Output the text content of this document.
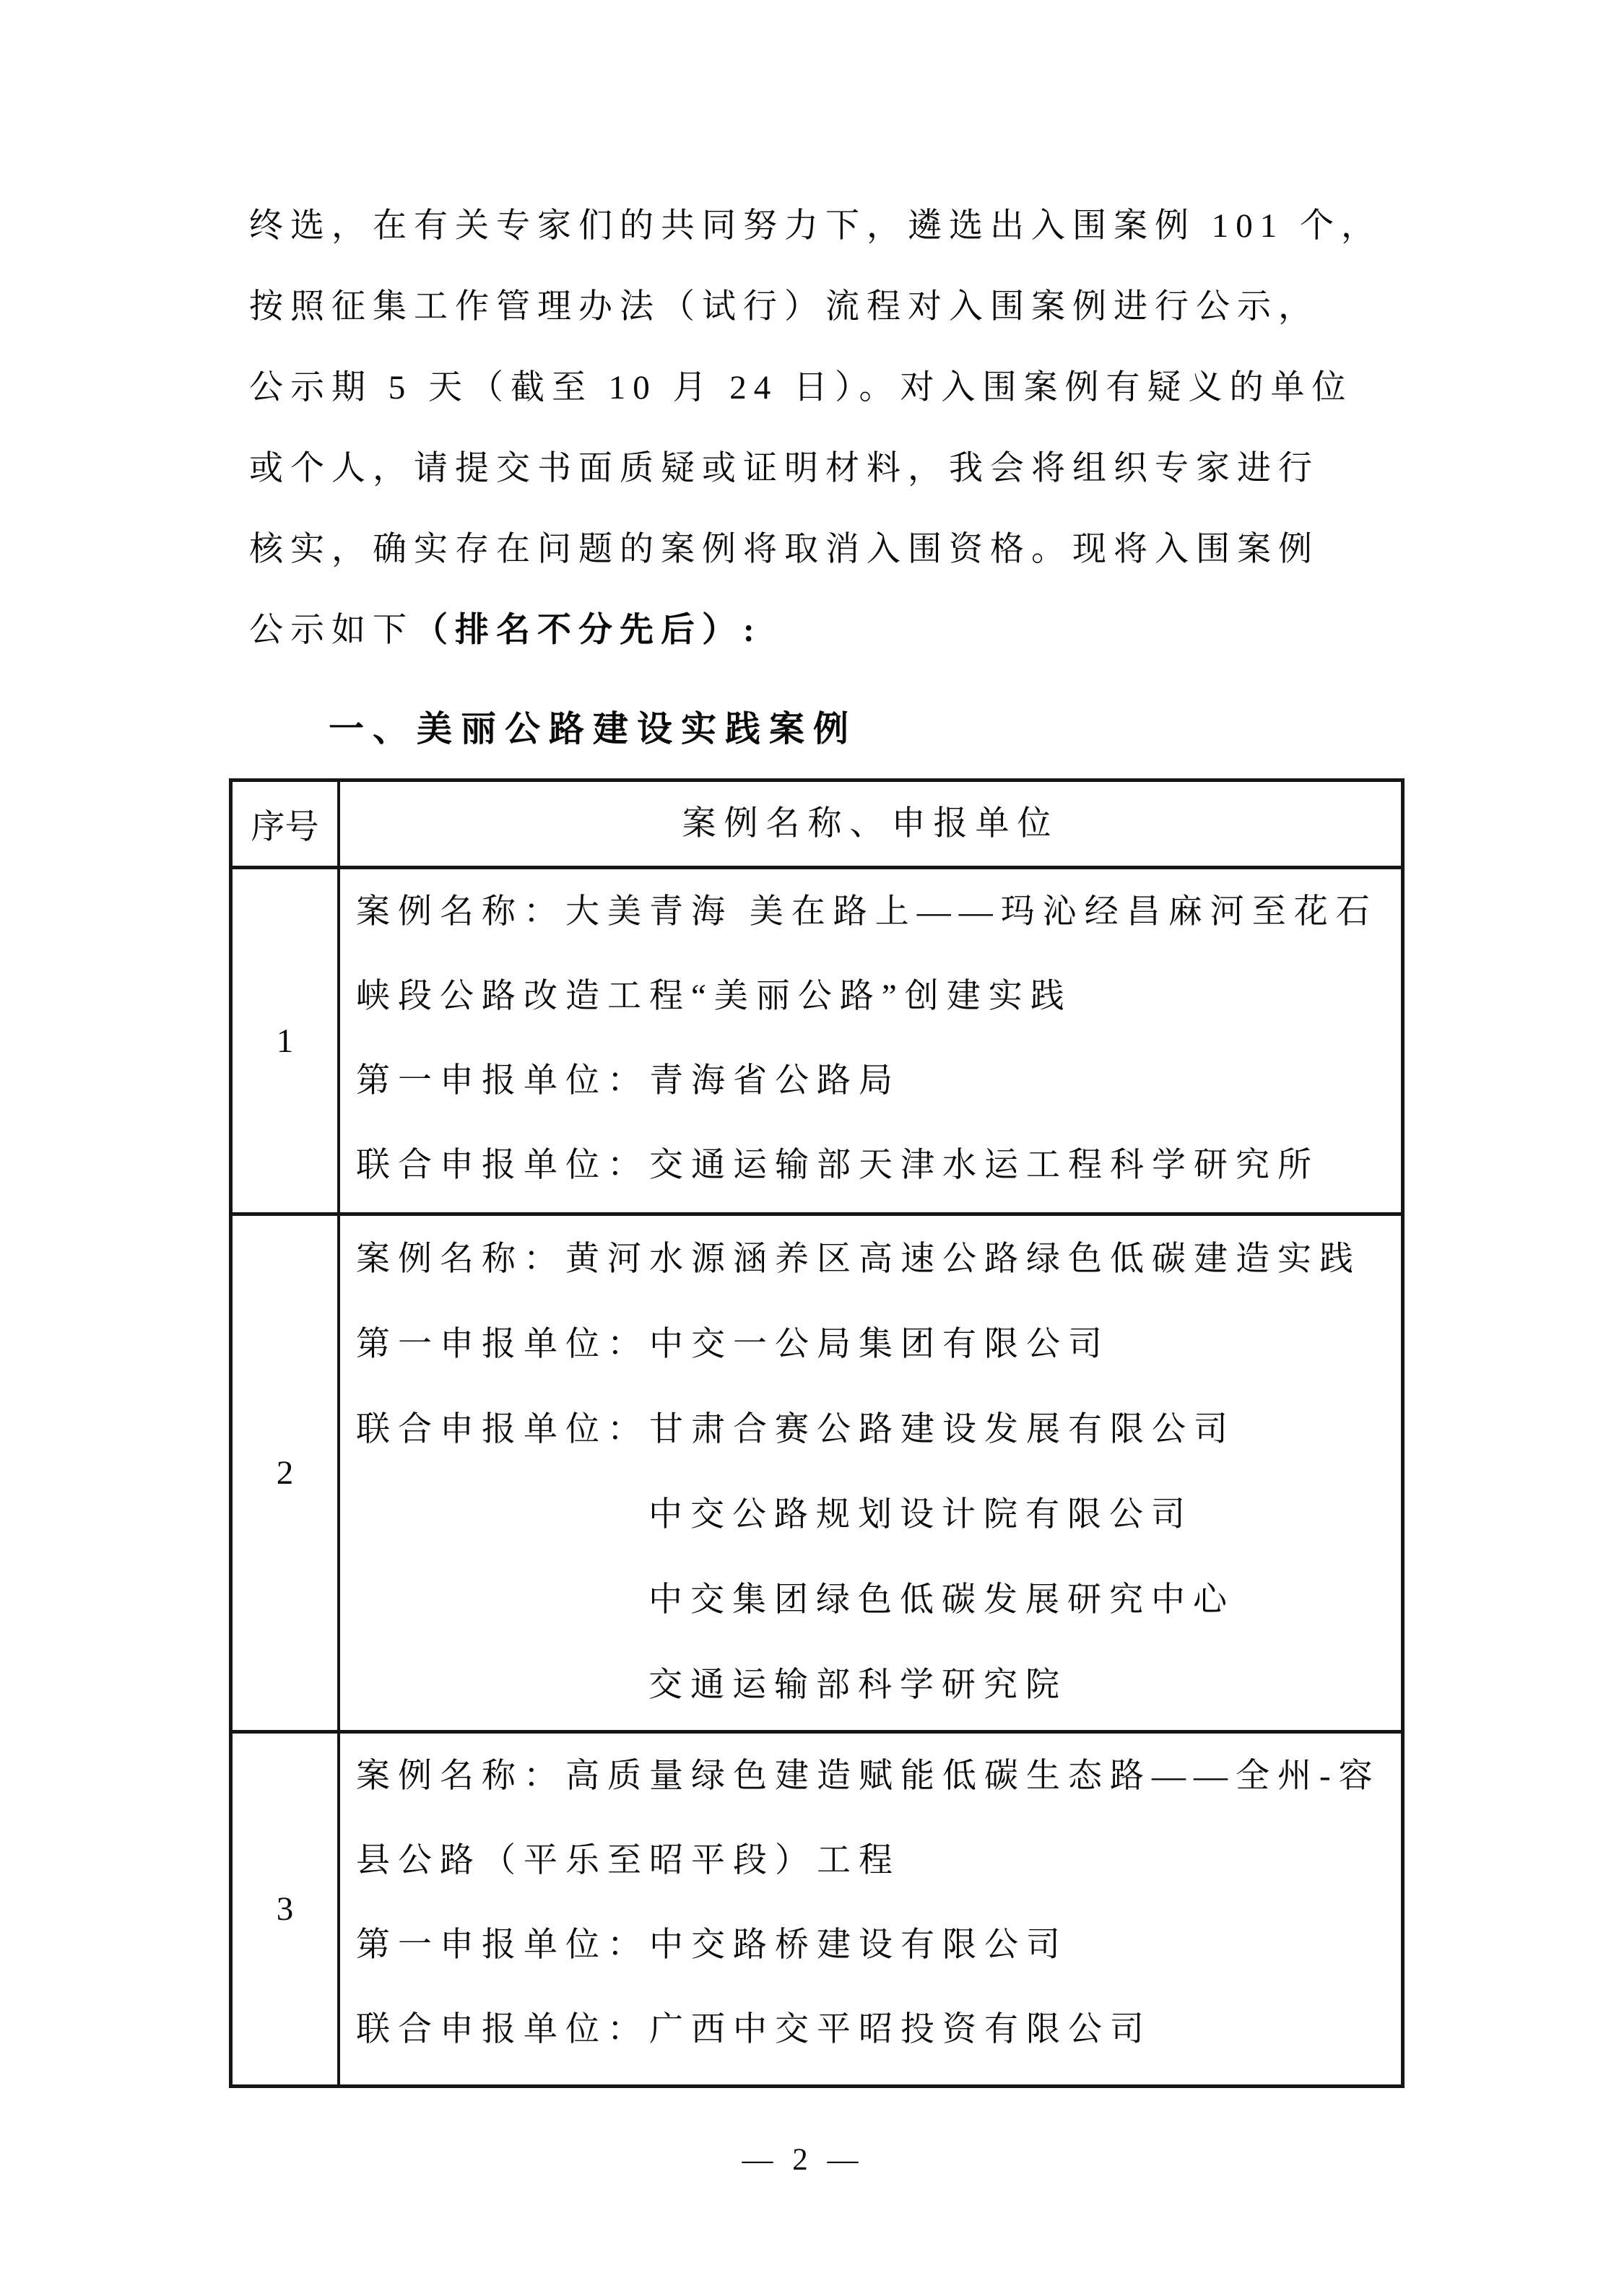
终选，在有关专家们的共同努力下，遴选出入围案例 101 个，
按照征集工作管理办法（试行）流程对入围案例进行公示，
公示期 5 天（截至 10 月 24 日）。对入围案例有疑义的单位
或个人，请提交书面质疑或证明材料，我会将组织专家进行
核实，确实存在问题的案例将取消入围资格。现将入围案例
公示如下（排名不分先后）:
一、美丽公路建设实践案例
序号	案例名称、申报单位
1
案例名称：大美青海 美在路上——玛沁经昌麻河至花石
峡段公路改造工程“美丽公路”创建实践
第一申报单位：青海省公路局
联合申报单位：交通运输部天津水运工程科学研究所
2
案例名称：黄河水源涵养区高速公路绿色低碳建造实践
第一申报单位：中交一公局集团有限公司
联合申报单位：甘肃合赛公路建设发展有限公司
中交公路规划设计院有限公司
中交集团绿色低碳发展研究中心
交通运输部科学研究院
3
案例名称：高质量绿色建造赋能低碳生态路——全州-容
县公路（平乐至昭平段）工程
第一申报单位：中交路桥建设有限公司
联合申报单位：广西中交平昭投资有限公司
— 2 —
